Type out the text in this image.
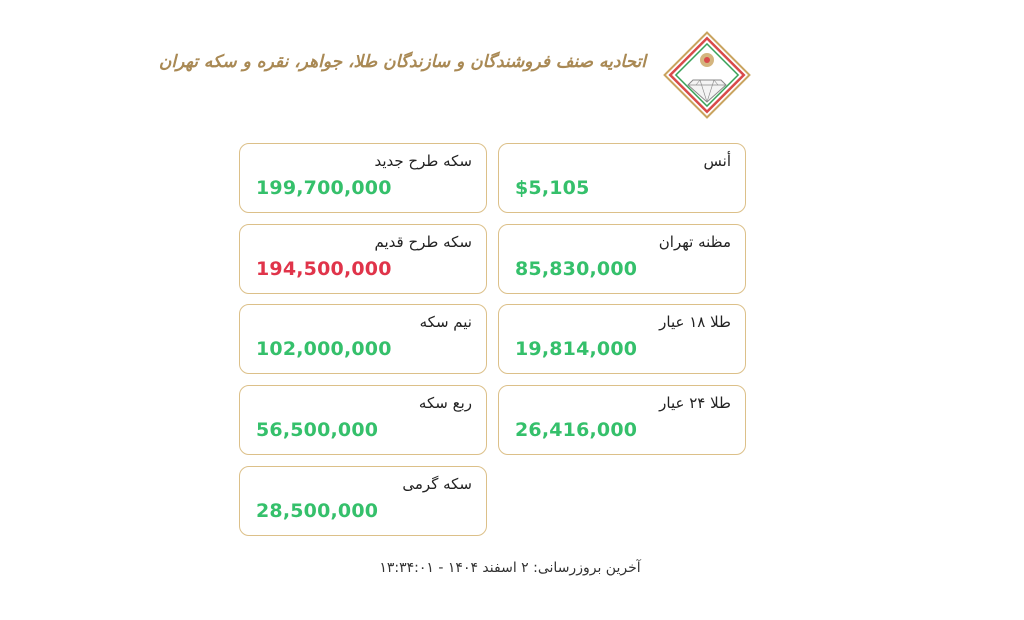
اتحادیه صنف فروشندگان و سازندگان طلا، جواهر، نقره و سکه تهران
أنس
$5,105
سکه طرح جدید
199,700,000
مظنه تهران
85,830,000
سکه طرح قدیم
194,500,000
طلا ۱۸ عیار
19,814,000
نیم سکه
102,000,000
طلا ۲۴ عیار
26,416,000
ربع سکه
56,500,000
سکه گرمی
28,500,000
آخرین بروزرسانی: ۲ اسفند ۱۴۰۴ - ۱۳:۳۴:۰۱
